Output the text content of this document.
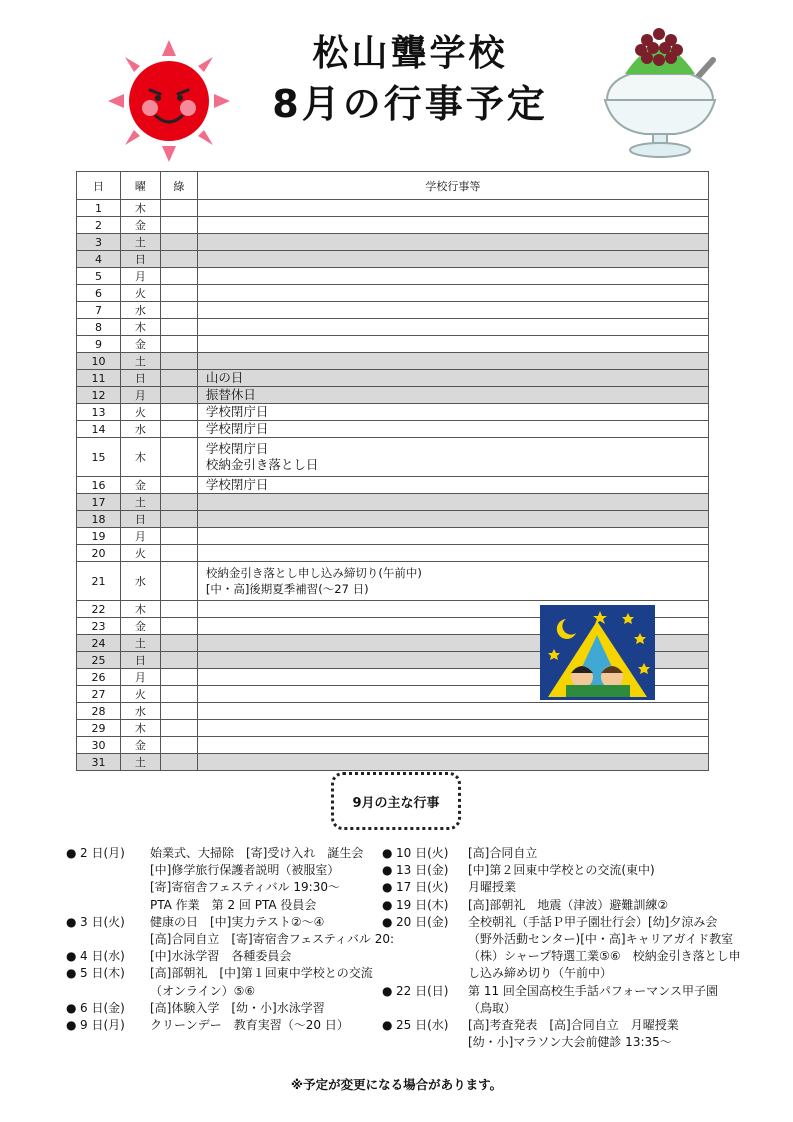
松山聾学校
8月の行事予定
日	曜	綠	学校行事等
1	木		
2	金		
3	土		
4	日		
5	月		
6	火		
7	水		
8	木		
9	金		
10	土		
11	日		山の日

12	月		振替休日

13	火		学校閉庁日

14	水		学校閉庁日

15	木		学校閉庁日
校納金引き落とし日

16	金		学校閉庁日

17	土		
18	日		
19	月		
20	火		
21	水		校納金引き落とし申し込み締切り(午前中)
[中・高]後期夏季補習(〜27 日)

22	木		
23	金		
24	土		
25	日		
26	月		
27	火		
28	水		
29	木		
30	金		
31	土		
9月の主な行事
● 2 日(月)	始業式、大掃除　[寄]受け入れ　誕生会
[中]修学旅行保護者説明（被服室）
[寄]寄宿舎フェスティバル 19:30〜
PTA 作業　第 2 回 PTA 役員会
● 3 日(火)	健康の日　[中]実力テスト②〜④
[高]合同自立　[寄]寄宿舎フェスティバル 20:
● 4 日(水)	[中]水泳学習　各種委員会
● 5 日(木)	[高]部朝礼　[中]第１回東中学校との交流
（オンライン）⑤⑥
● 6 日(金)	[高]体験入学　[幼・小]水泳学習
● 9 日(月)	クリーンデー　教育実習（〜20 日）
● 10 日(火)	[高]合同自立
● 13 日(金)	[中]第２回東中学校との交流(東中)
● 17 日(火)	月曜授業
● 19 日(木)	[高]部朝礼　地震（津波）避難訓練②
● 20 日(金)	全校朝礼（手話Ｐ甲子園壮行会）[幼]夕涼み会
（野外活動センター)[中・高]キャリアガイド教室
（株）シャープ特選工業⑤⑥　校納金引き落とし申
し込み締め切り（午前中）
● 22 日(日)	第 11 回全国高校生手話パフォーマンス甲子園
（鳥取）
● 25 日(水)	[高]考査発表　[高]合同自立　月曜授業
[幼・小]マラソン大会前健診 13:35〜
※予定が変更になる場合があります。
